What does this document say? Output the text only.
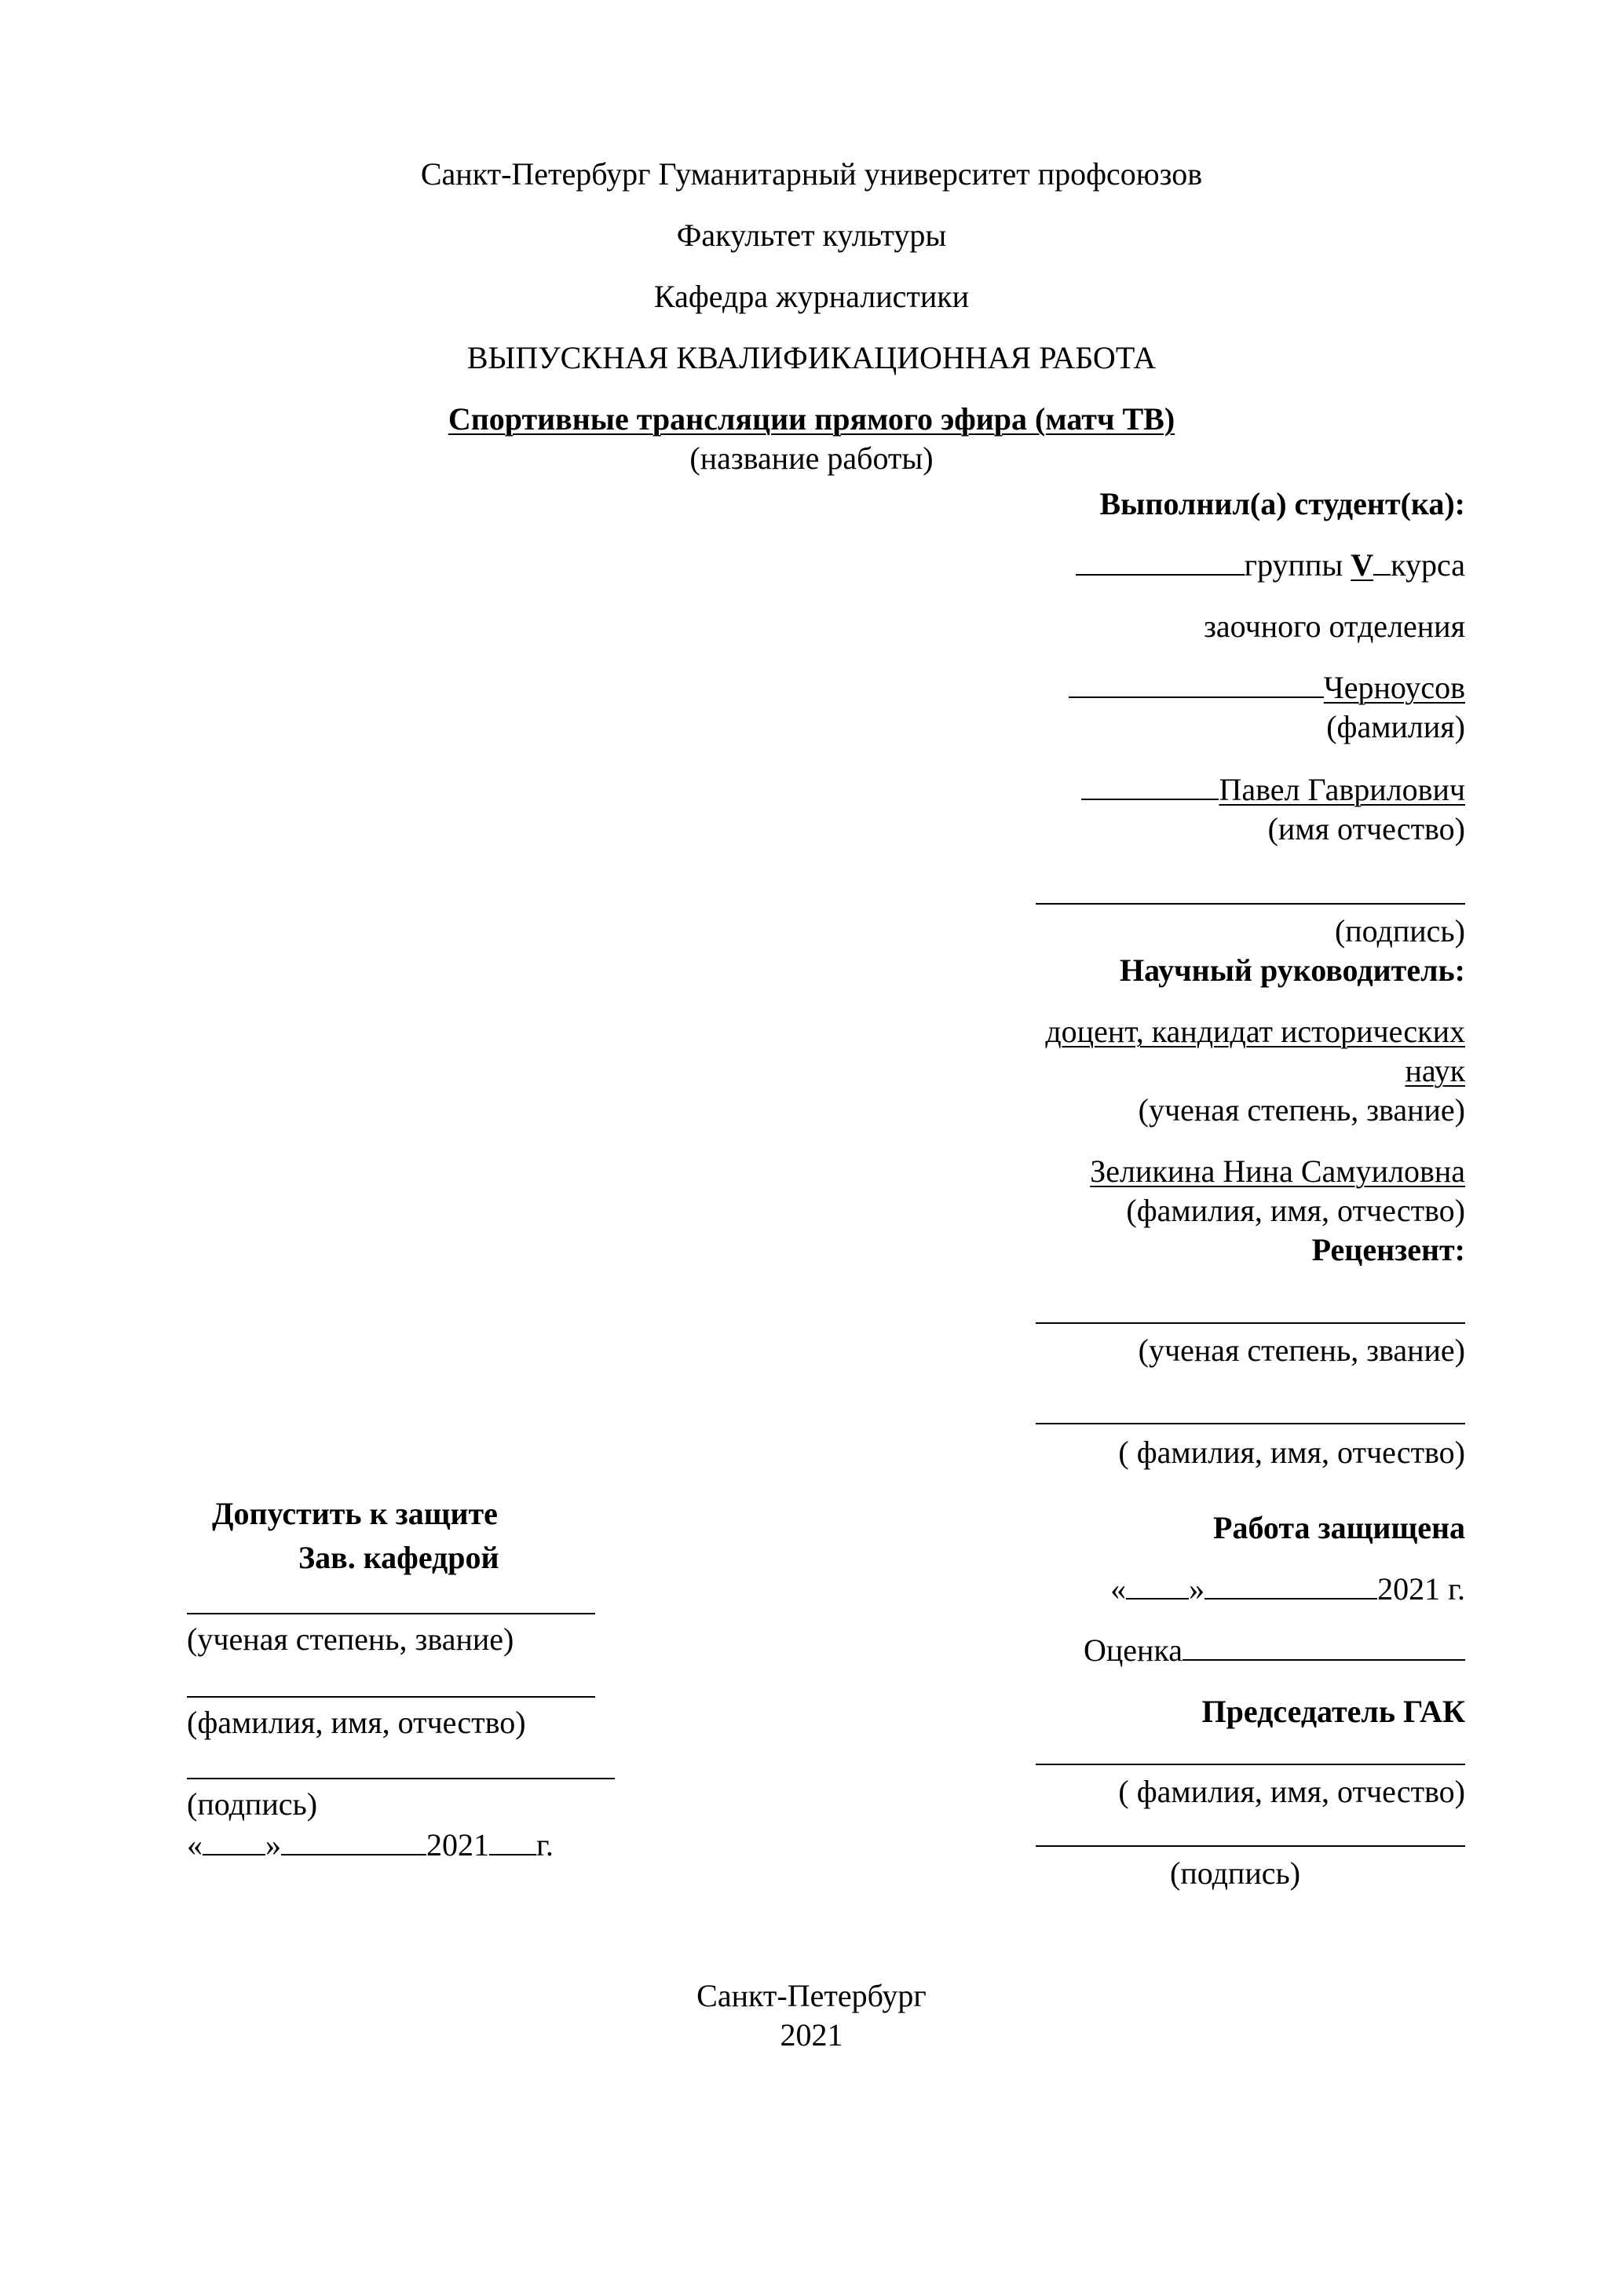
Санкт-Петербург Гуманитарный университет профсоюзов
Факультет культуры
Кафедра журналистики
ВЫПУСКНАЯ КВАЛИФИКАЦИОННАЯ РАБОТА
Спортивные трансляции прямого эфира (матч ТВ)
(название работы)
Выполнил(а) студент(ка):
группы V курса
заочного отделения
Черноусов
(фамилия)
Павел Гаврилович
(имя отчество)
(подпись)
Научный руководитель:
доцент, кандидат исторических
наук
(ученая степень, звание)
Зеликина Нина Самуиловна
(фамилия, имя, отчество)
Рецензент:
(ученая степень, звание)
( фамилия, имя, отчество)
Допустить к защите
Зав. кафедрой
(ученая степень, звание)
(фамилия, имя, отчество)
(подпись)
« »	2021 г.
Работа защищена
« »	2021 г.
Оценка
Председатель ГАК
( фамилия, имя, отчество)
(подпись)
Санкт-Петербург
2021
